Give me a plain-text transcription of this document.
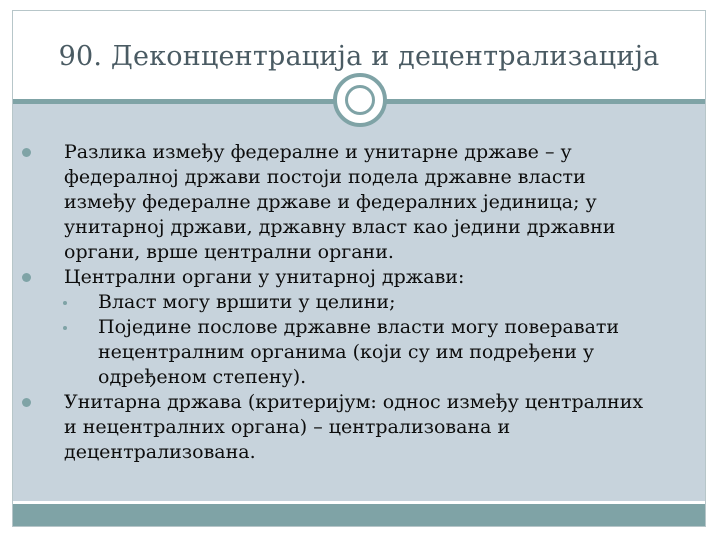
90. Деконцентрација и децентрализација
Разлика између федералне и унитарне државе – у
федералној држави постоји подела државне власти
између федералне државе и федералних јединица; у
унитарној држави, државну власт као једини државни
органи, врше централни органи.
Централни органи у унитарној држави:
Власт могу вршити у целини;
Поједине послове државне власти могу поверавати
нецентралним органима (који су им подређени у
одређеном степену).
Унитарна држава (критеријум: однос између централних
и нецентралних органа) – централизована и
децентрализована.
